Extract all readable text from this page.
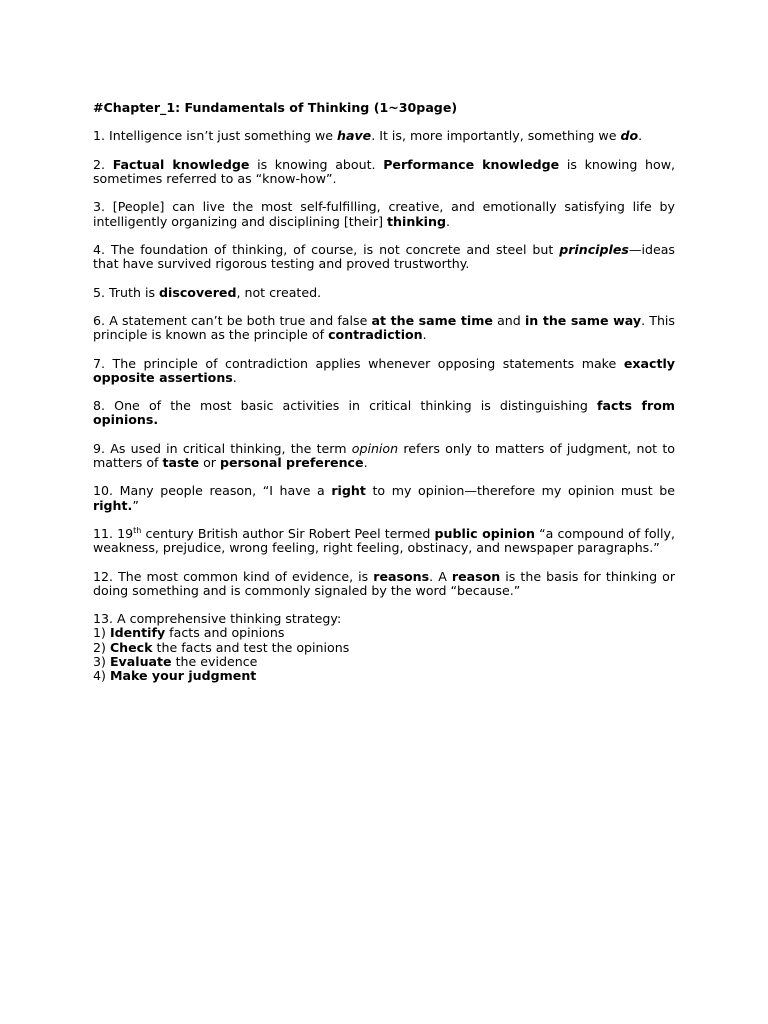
#Chapter_1: Fundamentals of Thinking (1~30page)

1. Intelligence isn’t just something we have. It is, more importantly, something we do.

2. Factual knowledge is knowing about. Performance knowledge is knowing how, sometimes referred to as “know-how”.

3. [People] can live the most self-fulfilling, creative, and emotionally satisfying life by intelligently organizing and disciplining [their] thinking.

4. The foundation of thinking, of course, is not concrete and steel but principles—ideas that have survived rigorous testing and proved trustworthy.

5. Truth is discovered, not created.

6. A statement can’t be both true and false at the same time and in the same way. This principle is known as the principle of contradiction.

7. The principle of contradiction applies whenever opposing statements make exactly opposite assertions.

8. One of the most basic activities in critical thinking is distinguishing facts from opinions.

9. As used in critical thinking, the term opinion refers only to matters of judgment, not to matters of taste or personal preference.

10. Many people reason, “I have a right to my opinion—therefore my opinion must be right.”

11. 19th century British author Sir Robert Peel termed public opinion “a compound of folly, weakness, prejudice, wrong feeling, right feeling, obstinacy, and newspaper paragraphs.”

12. The most common kind of evidence, is reasons. A reason is the basis for thinking or doing something and is commonly signaled by the word “because.”

13. A comprehensive thinking strategy:
1) Identify facts and opinions
2) Check the facts and test the opinions
3) Evaluate the evidence
4) Make your judgment
